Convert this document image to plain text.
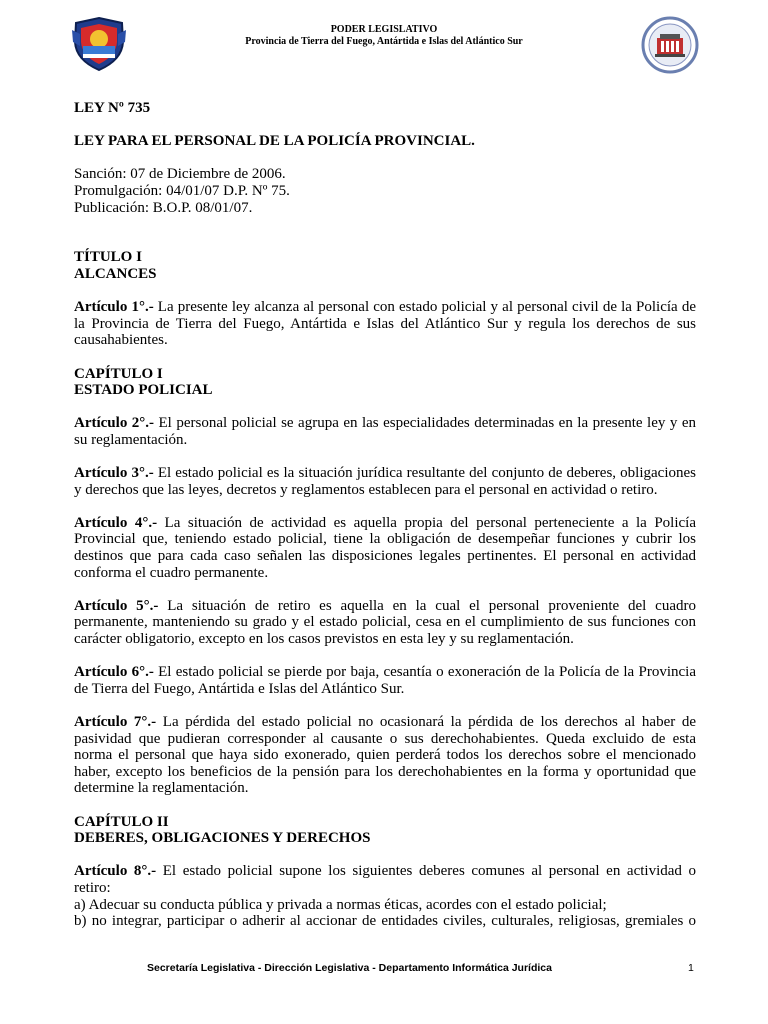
PODER LEGISLATIVO
Provincia de Tierra del Fuego, Antártida e Islas del Atlántico Sur

LEY Nº 735

LEY PARA EL PERSONAL DE LA POLICÍA PROVINCIAL.

Sanción: 07 de Diciembre de 2006.

Promulgación: 04/01/07 D.P. Nº 75.

Publicación: B.O.P. 08/01/07.

TÍTULO I

ALCANCES

Artículo 1°.- La presente ley alcanza al personal con estado policial y al personal civil de la Policía de la Provincia de Tierra del Fuego, Antártida e Islas del Atlántico Sur y regula los derechos de sus causahabientes.

CAPÍTULO I

ESTADO POLICIAL

Artículo 2°.- El personal policial se agrupa en las especialidades determinadas en la presente ley y en su reglamentación.

Artículo 3°.- El estado policial es la situación jurídica resultante del conjunto de deberes, obligaciones y derechos que las leyes, decretos y reglamentos establecen para el personal en actividad o retiro.

Artículo 4°.- La situación de actividad es aquella propia del personal perteneciente a la Policía Provincial que, teniendo estado policial, tiene la obligación de desempeñar funciones y cubrir los destinos que para cada caso señalen las disposiciones legales pertinentes. El personal en actividad conforma el cuadro permanente.

Artículo 5°.- La situación de retiro es aquella en la cual el personal proveniente del cuadro permanente, manteniendo su grado y el estado policial, cesa en el cumplimiento de sus funciones con carácter obligatorio, excepto en los casos previstos en esta ley y su reglamentación.

Artículo 6°.- El estado policial se pierde por baja, cesantía o exoneración de la Policía de la Provincia de Tierra del Fuego, Antártida e Islas del Atlántico Sur.

Artículo 7°.- La pérdida del estado policial no ocasionará la pérdida de los derechos al haber de pasividad que pudieran corresponder al causante o sus derechohabientes. Queda excluido de esta norma el personal que haya sido exonerado, quien perderá todos los derechos sobre el mencionado haber, excepto los beneficios de la pensión para los derechohabientes en la forma y oportunidad que determine la reglamentación.

CAPÍTULO II

DEBERES, OBLIGACIONES Y DERECHOS

Artículo 8°.- El estado policial supone los siguientes deberes comunes al personal en actividad o retiro:

a) Adecuar su conducta pública y privada a normas éticas, acordes con el estado policial;

b) no integrar, participar o adherir al accionar de entidades civiles, culturales, religiosas, gremiales o

Secretaría Legislativa - Dirección Legislativa - Departamento Informática Jurídica	1
